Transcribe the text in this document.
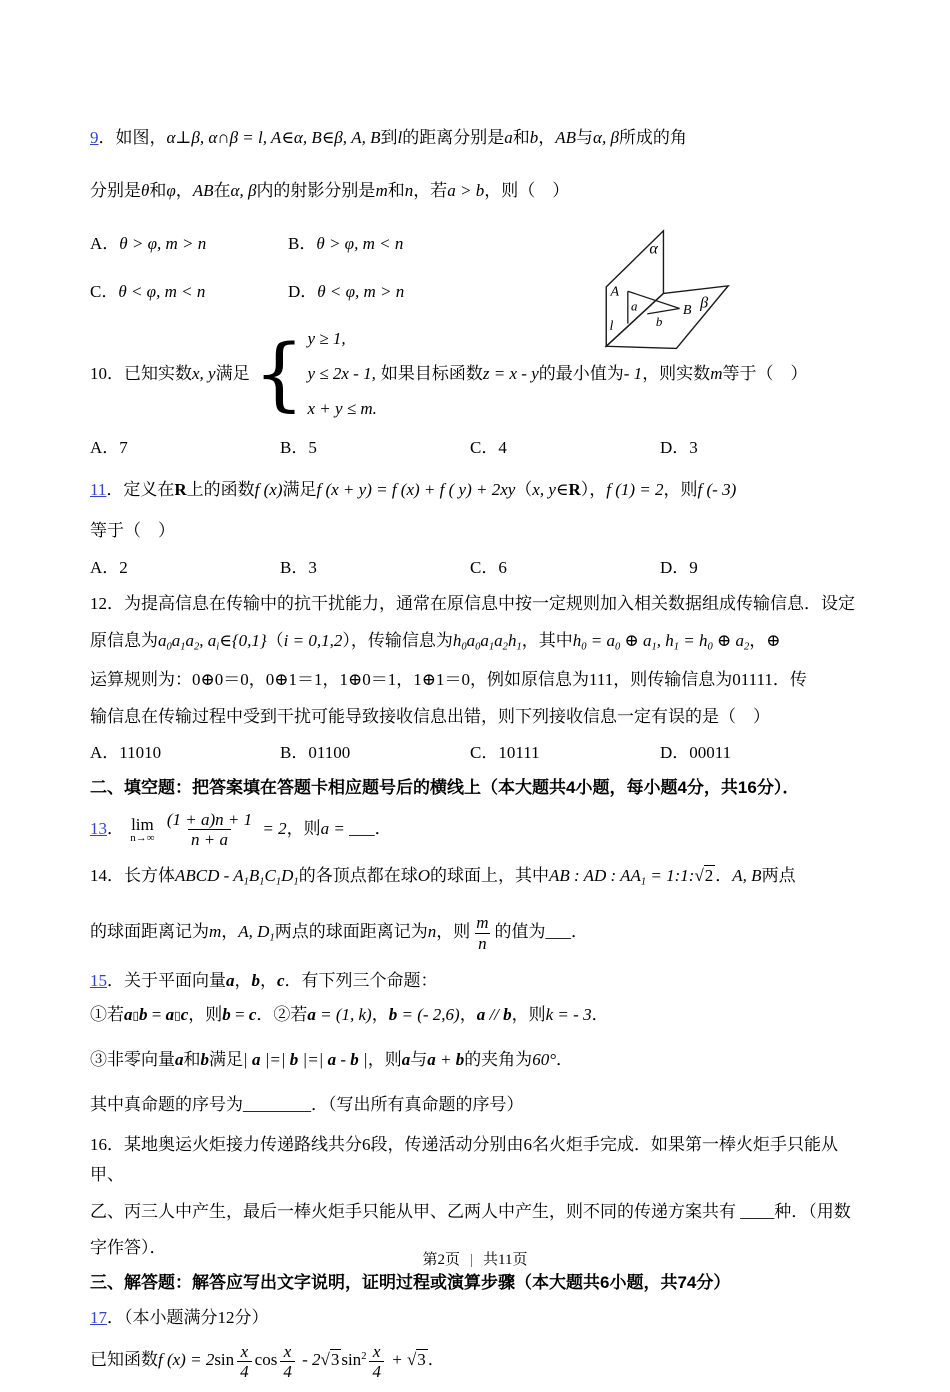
9．如图，α⊥β, α∩β = l, A∈α, B∈β, A, B到l的距离分别是a和b，AB与α, β所成的角

分别是θ和φ，AB在α, β内的射影分别是m和n，若a > b，则（　）

A．θ > φ, m > n	B．θ > φ, m < n
C．θ < φ, m < n	D．θ < φ, m > n
α
β
A
B
a
b
l
10．已知实数x, y满足 { y ≥ 1,
y ≤ 2x - 1,
x + y ≤ m.
如果目标函数z = x - y的最小值为- 1，则实数m等于（　）
A．7	B．5	C．4	D．3

11．定义在R上的函数f (x)满足f (x + y) = f (x) + f ( y) + 2xy（x, y∈R），f (1) = 2，则f (- 3)

等于（　）

A．2	B．3	C．6	D．9

12．为提高信息在传输中的抗干扰能力，通常在原信息中按一定规则加入相关数据组成传输信息．设定

原信息为$a_0a_1a_2$, $a_i\in\{0,1\}(i = 0,1,2)$，传输信息为$h_0a_0a_1a_2h_1$，其中$h_0 = a_0$ ⊕ $a_1$, $h_1 = h_0$ ⊕ $a_2$，⊕

运算规则为：0⊕0＝0，0⊕1＝1，1⊕0＝1，1⊕1＝0，例如原信息为111，则传输信息为01111．传

输信息在传输过程中受到干扰可能导致接收信息出错，则下列接收信息一定有误的是（　）

A．11010	B．01100	C．10111	D．00011

二、填空题：把答案填在答题卡相应题号后的横线上（本大题共4小题，每小题4分，共16分）．

13． lim
n→∞
$\frac{(1 + a)n + 1}{n + a} = 2$，则a = ___．

14．长方体ABCD - $A_1B_1C_1D_1$的各顶点都在球O的球面上，其中AB : AD : $AA_1$ = 1:1:√2 ．A, B两点

的球面距离记为m，A, $D_1$两点的球面距离记为n，则 $\frac{m}{n}$ 的值为___．

15．关于平面向量a，b，c．有下列三个命题：

①若a▯b = a▯c，则b = c．②若a = (1, k)，b = (- 2,6)，a // b，则k = - 3．

③非零向量a和b满足| a |=| b |=| a - b |，则a与a + b的夹角为60°．

其中真命题的序号为________．（写出所有真命题的序号）

16．某地奥运火炬接力传递路线共分6段，传递活动分别由6名火炬手完成．如果第一棒火炬手只能从甲、

乙、丙三人中产生，最后一棒火炬手只能从甲、乙两人中产生，则不同的传递方案共有 ____种．（用数

字作答）．

三、解答题：解答应写出文字说明，证明过程或演算步骤（本大题共6小题，共74分）

17．（本小题满分12分）

已知函数f $(x) = 2\sin \frac{x}{4}$ $\cos \frac{x}{4} - 2√3$ $\sin^2 \frac{x}{4} + √3$ ．

第2页 | 共11页
